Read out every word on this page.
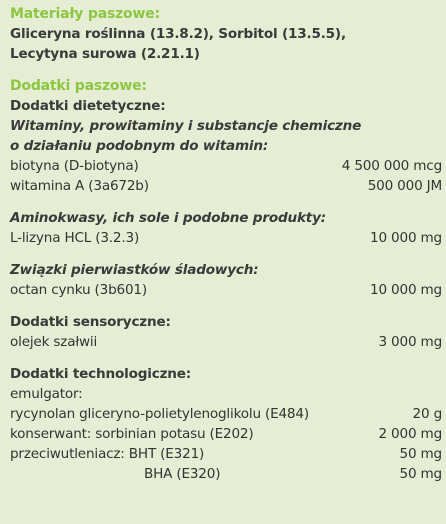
Materiały paszowe:
Gliceryna roślinna (13.8.2), Sorbitol (13.5.5),
Lecytyna surowa (2.21.1)
Dodatki paszowe:
Dodatki dietetyczne:
Witaminy, prowitaminy i substancje chemiczne
o działaniu podobnym do witamin:
biotyna (D-biotyna)	4 500 000 mcg
witamina A (3a672b)	500 000 JM
Aminokwasy, ich sole i podobne produkty:
L-lizyna HCL (3.2.3)	10 000 mg
Związki pierwiastków śladowych:
octan cynku (3b601)	10 000 mg
Dodatki sensoryczne:
olejek szałwii	3 000 mg
Dodatki technologiczne:
emulgator:
rycynolan gliceryno-polietylenoglikolu (E484)	20 g
konserwant: sorbinian potasu (E202)	2 000 mg
przeciwutleniacz: BHT (E321)	50 mg
BHA (E320)	50 mg
